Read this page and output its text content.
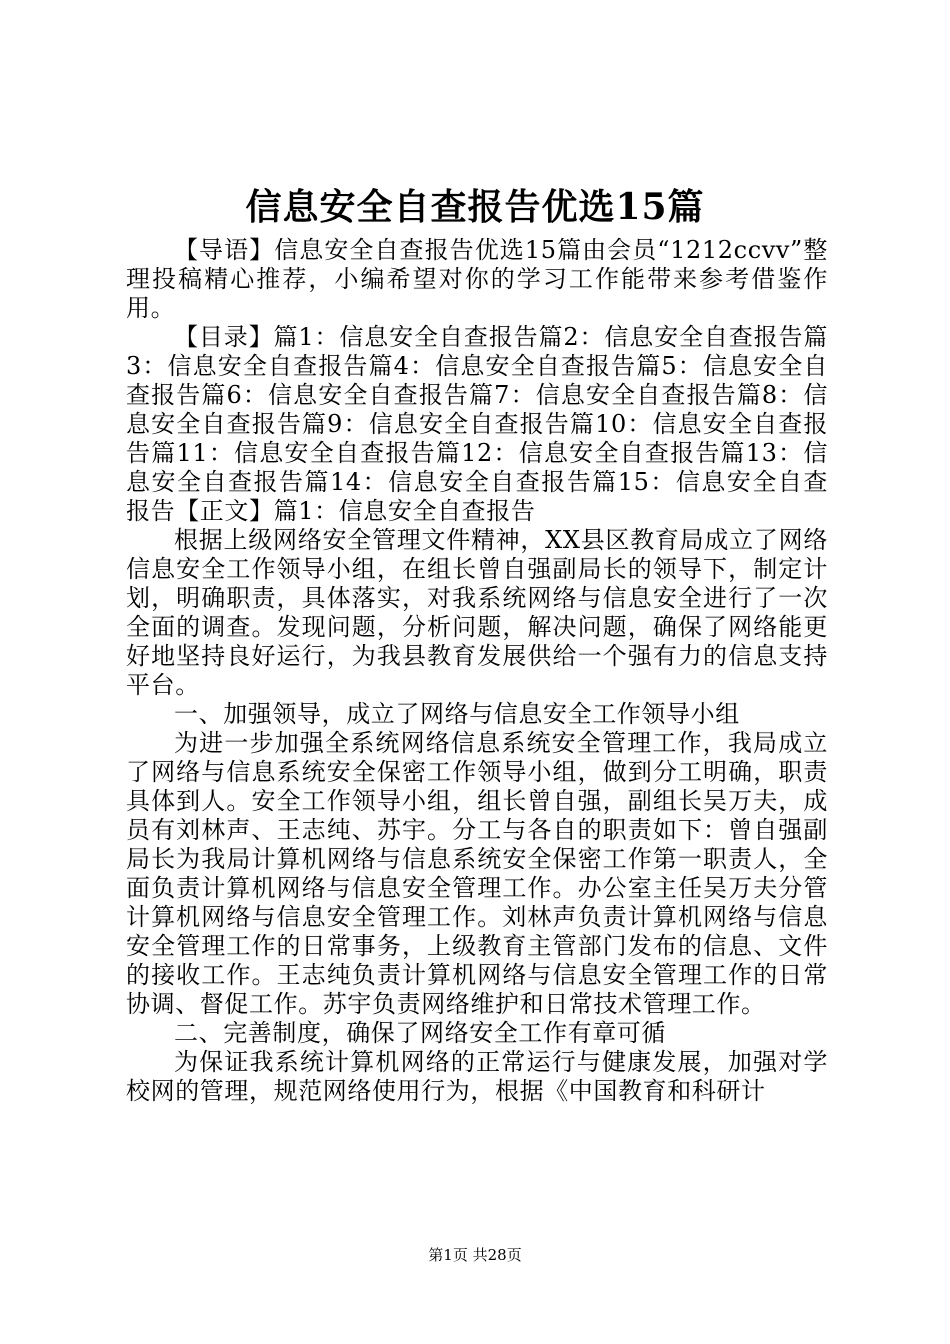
信息安全自查报告优选15篇

【导语】信息安全自查报告优选15篇由会员“1212ccvv”整理投稿精心推荐，小编希望对你的学习工作能带来参考借鉴作用。

【目录】篇1：信息安全自查报告篇2：信息安全自查报告篇3：信息安全自查报告篇4：信息安全自查报告篇5：信息安全自查报告篇6：信息安全自查报告篇7：信息安全自查报告篇8：信息安全自查报告篇9：信息安全自查报告篇10：信息安全自查报告篇11：信息安全自查报告篇12：信息安全自查报告篇13：信息安全自查报告篇14：信息安全自查报告篇15：信息安全自查报告【正文】篇1：信息安全自查报告

根据上级网络安全管理文件精神，XX县区教育局成立了网络信息安全工作领导小组，在组长曾自强副局长的领导下，制定计划，明确职责，具体落实，对我系统网络与信息安全进行了一次全面的调查。发现问题，分析问题，解决问题，确保了网络能更好地坚持良好运行，为我县教育发展供给一个强有力的信息支持平台。

一、加强领导，成立了网络与信息安全工作领导小组

为进一步加强全系统网络信息系统安全管理工作，我局成立了网络与信息系统安全保密工作领导小组，做到分工明确，职责具体到人。安全工作领导小组，组长曾自强，副组长吴万夫，成员有刘林声、王志纯、苏宇。分工与各自的职责如下：曾自强副局长为我局计算机网络与信息系统安全保密工作第一职责人，全面负责计算机网络与信息安全管理工作。办公室主任吴万夫分管计算机网络与信息安全管理工作。刘林声负责计算机网络与信息安全管理工作的日常事务，上级教育主管部门发布的信息、文件的接收工作。王志纯负责计算机网络与信息安全管理工作的日常协调、督促工作。苏宇负责网络维护和日常技术管理工作。

二、完善制度，确保了网络安全工作有章可循

为保证我系统计算机网络的正常运行与健康发展，加强对学校网的管理，规范网络使用行为，根据《中国教育和科研计

第1页 共28页
